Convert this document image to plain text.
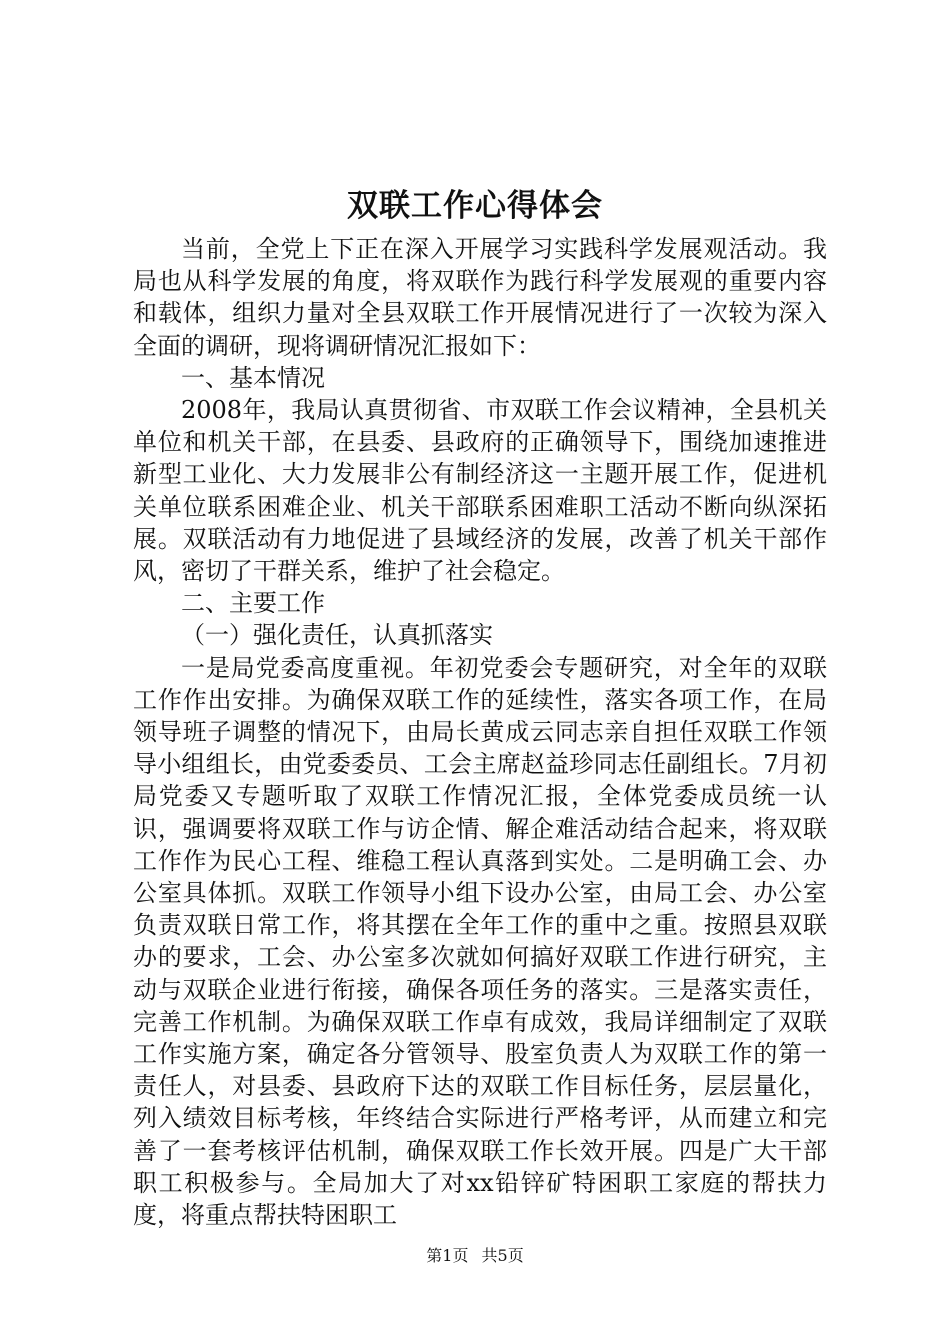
双联工作心得体会

当前，全党上下正在深入开展学习实践科学发展观活动。我局也从科学发展的角度，将双联作为践行科学发展观的重要内容和载体，组织力量对全县双联工作开展情况进行了一次较为深入全面的调研，现将调研情况汇报如下：

一、基本情况

2008年，我局认真贯彻省、市双联工作会议精神，全县机关单位和机关干部，在县委、县政府的正确领导下，围绕加速推进新型工业化、大力发展非公有制经济这一主题开展工作，促进机关单位联系困难企业、机关干部联系困难职工活动不断向纵深拓展。双联活动有力地促进了县域经济的发展，改善了机关干部作风，密切了干群关系，维护了社会稳定。

二、主要工作

（一）强化责任，认真抓落实

一是局党委高度重视。年初党委会专题研究，对全年的双联工作作出安排。为确保双联工作的延续性，落实各项工作，在局领导班子调整的情况下，由局长黄成云同志亲自担任双联工作领导小组组长，由党委委员、工会主席赵益珍同志任副组长。7月初局党委又专题听取了双联工作情况汇报，全体党委成员统一认识，强调要将双联工作与访企情、解企难活动结合起来，将双联工作作为民心工程、维稳工程认真落到实处。二是明确工会、办公室具体抓。双联工作领导小组下设办公室，由局工会、办公室负责双联日常工作，将其摆在全年工作的重中之重。按照县双联办的要求，工会、办公室多次就如何搞好双联工作进行研究，主动与双联企业进行衔接，确保各项任务的落实。三是落实责任，完善工作机制。为确保双联工作卓有成效，我局详细制定了双联工作实施方案，确定各分管领导、股室负责人为双联工作的第一责任人，对县委、县政府下达的双联工作目标任务，层层量化，列入绩效目标考核，年终结合实际进行严格考评，从而建立和完善了一套考核评估机制，确保双联工作长效开展。四是广大干部职工积极参与。全局加大了对xx铅锌矿特困职工家庭的帮扶力度，将重点帮扶特困职工

第1页 共5页
